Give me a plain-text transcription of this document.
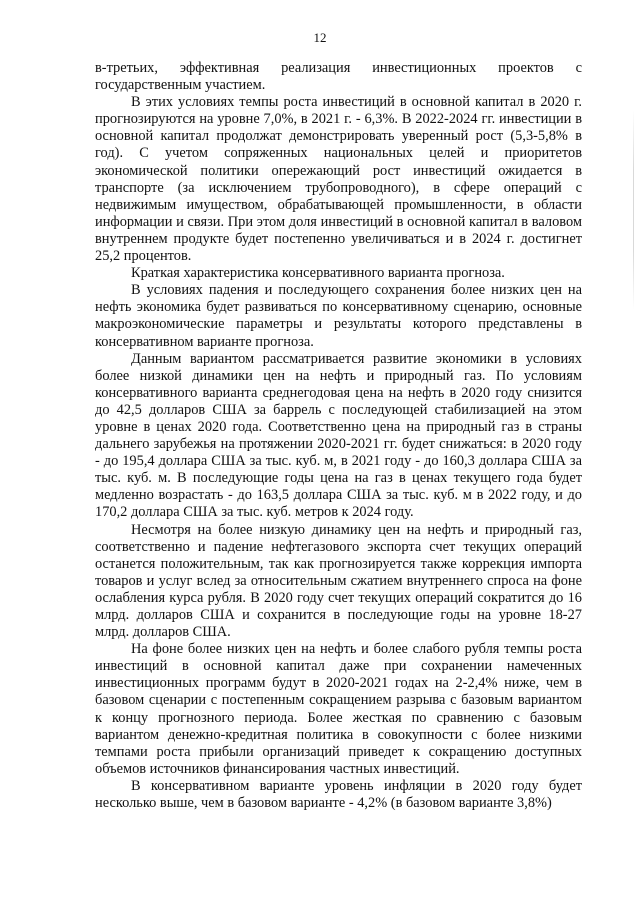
12

в-третьих, эффективная реализация инвестиционных проектов с государственным участием.

В этих условиях темпы роста инвестиций в основной капитал в 2020 г. прогнозируются на уровне 7,0%, в 2021 г. - 6,3%. В 2022-2024 гг. инвестиции в основной капитал продолжат демонстрировать уверенный рост (5,3-5,8% в год). С учетом сопряженных национальных целей и приоритетов экономической политики опережающий рост инвестиций ожидается в транспорте (за исключением трубопроводного), в сфере операций с недвижимым имуществом, обрабатывающей промышленности, в области информации и связи. При этом доля инвестиций в основной капитал в валовом внутреннем продукте будет постепенно увеличиваться и в 2024 г. достигнет 25,2 процентов.

Краткая характеристика консервативного варианта прогноза.

В условиях падения и последующего сохранения более низких цен на нефть экономика будет развиваться по консервативному сценарию, основные макроэкономические параметры и результаты которого представлены в консервативном варианте прогноза.

Данным вариантом рассматривается развитие экономики в условиях более низкой динамики цен на нефть и природный газ. По условиям консервативного варианта среднегодовая цена на нефть в 2020 году снизится до 42,5 долларов США за баррель с последующей стабилизацией на этом уровне в ценах 2020 года. Соответственно цена на природный газ в страны дальнего зарубежья на протяжении 2020-2021 гг. будет снижаться: в 2020 году - до 195,4 доллара США за тыс. куб. м, в 2021 году - до 160,3 доллара США за тыс. куб. м. В последующие годы цена на газ в ценах текущего года будет медленно возрастать - до 163,5 доллара США за тыс. куб. м в 2022 году, и до 170,2 доллара США за тыс. куб. метров к 2024 году.

Несмотря на более низкую динамику цен на нефть и природный газ, соответственно и падение нефтегазового экспорта счет текущих операций останется положительным, так как прогнозируется также коррекция импорта товаров и услуг вслед за относительным сжатием внутреннего спроса на фоне ослабления курса рубля. В 2020 году счет текущих операций сократится до 16 млрд. долларов США и сохранится в последующие годы на уровне 18-27 млрд. долларов США.

На фоне более низких цен на нефть и более слабого рубля темпы роста инвестиций в основной капитал даже при сохранении намеченных инвестиционных программ будут в 2020-2021 годах на 2-2,4% ниже, чем в базовом сценарии с постепенным сокращением разрыва с базовым вариантом к концу прогнозного периода. Более жесткая по сравнению с базовым вариантом денежно-кредитная политика в совокупности с более низкими темпами роста прибыли организаций приведет к сокращению доступных объемов источников финансирования частных инвестиций.

В консервативном варианте уровень инфляции в 2020 году будет несколько выше, чем в базовом варианте - 4,2% (в базовом варианте 3,8%)
